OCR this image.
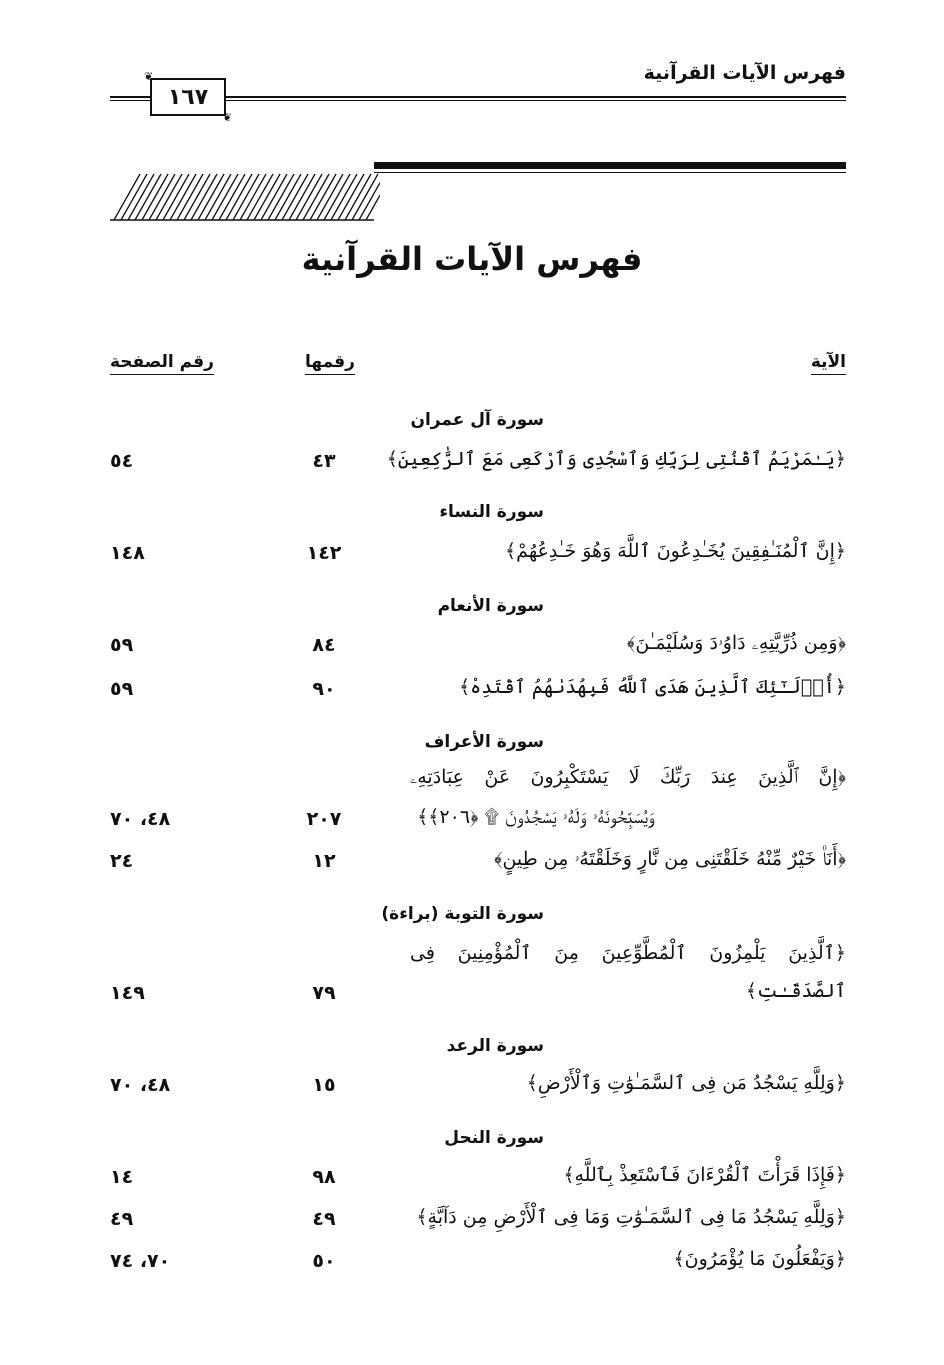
فهرس الآيات القرآنية
❦
١٦٧
❦
فهرس الآيات القرآنية
الآية
رقمها
رقم الصفحة
سورة آل عمران
﴿يَـٰمَرْيَمُ ٱقْنُتِى لِرَبِّكِ وَٱسْجُدِى وَٱرْكَعِى مَعَ ٱلرَّٰكِعِينَ﴾
٤٣
٥٤
سورة النساء
﴿إِنَّ ٱلْمُنَـٰفِقِينَ يُخَـٰدِعُونَ ٱللَّهَ وَهُوَ خَـٰدِعُهُمْ﴾
١٤٢
١٤٨
سورة الأنعام
﴿وَمِن ذُرِّيَّتِهِۦ دَاوُۥدَ وَسُلَيْمَـٰنَ﴾
٨٤
٥٩
﴿أُو۟لَـٰٓئِكَ ٱلَّذِينَ هَدَى ٱللَّهُ فَبِهُدَىٰهُمُ ٱقْتَدِهْ﴾
٩٠
٥٩
سورة الأعراف
﴿إِنَّ ٱلَّذِينَ عِندَ رَبِّكَ لَا يَسْتَكْبِرُونَ عَنْ عِبَادَتِهِۦ
وَيُسَبِّحُونَهُۥ وَلَهُۥ يَسْجُدُونَ ۩ ﴿٢٠٦﴾﴾
٢٠٧
٤٨، ٧٠
﴿أَنَا۠ خَيْرٌ مِّنْهُ خَلَقْتَنِى مِن نَّارٍ وَخَلَقْتَهُۥ مِن طِينٍ﴾
١٢
٢٤
سورة التوبة (براءة)
﴿ٱلَّذِينَ يَلْمِزُونَ ٱلْمُطَّوِّعِينَ مِنَ ٱلْمُؤْمِنِينَ فِى
ٱلصَّدَقَـٰتِ﴾
٧٩
١٤٩
سورة الرعد
﴿وَلِلَّهِ يَسْجُدُ مَن فِى ٱلسَّمَـٰوَٰتِ وَٱلْأَرْضِ﴾
١٥
٤٨، ٧٠
سورة النحل
﴿فَإِذَا قَرَأْتَ ٱلْقُرْءَانَ فَٱسْتَعِذْ بِٱللَّهِ﴾
٩٨
١٤
﴿وَلِلَّهِ يَسْجُدُ مَا فِى ٱلسَّمَـٰوَٰتِ وَمَا فِى ٱلْأَرْضِ مِن دَآبَّةٍ﴾
٤٩
٤٩
﴿وَيَفْعَلُونَ مَا يُؤْمَرُونَ﴾
٥٠
٧٠، ٧٤
